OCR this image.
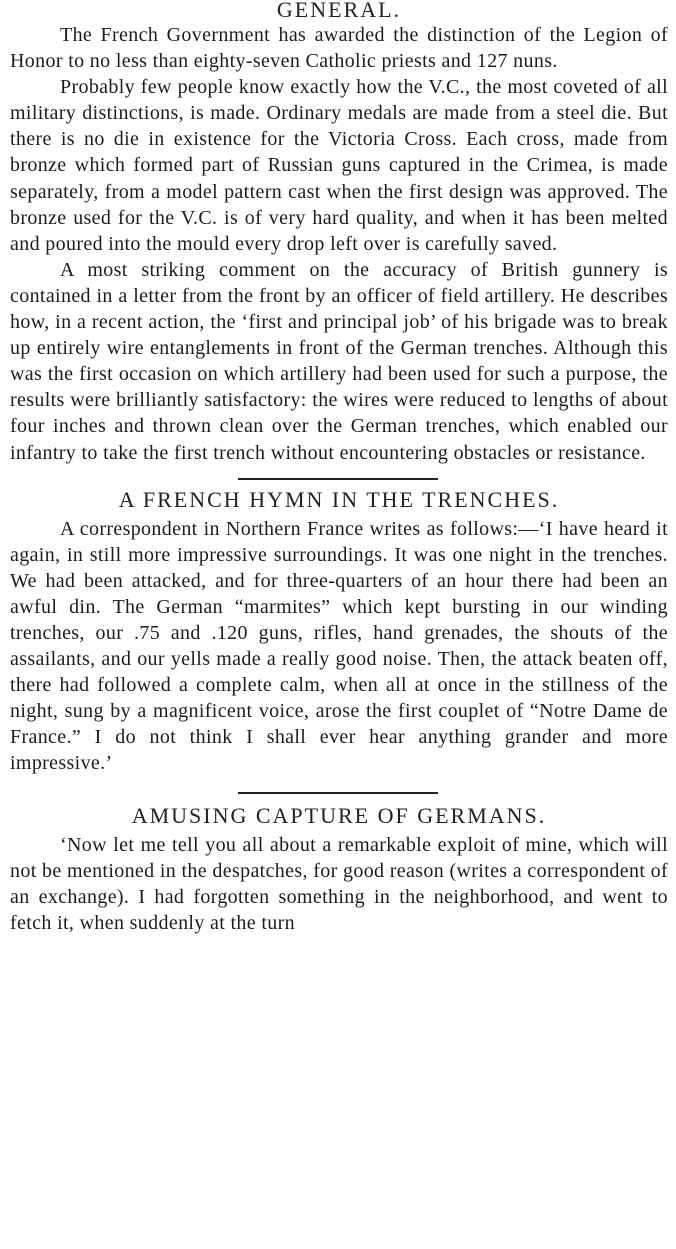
GENERAL.

The French Government has awarded the distinction of the Legion of Honor to no less than eighty-seven Catholic priests and 127 nuns.

Probably few people know exactly how the V.C., the most coveted of all military distinctions, is made. Ordinary medals are made from a steel die. But there is no die in existence for the Victoria Cross. Each cross, made from bronze which formed part of Russian guns captured in the Crimea, is made separately, from a model pattern cast when the first design was approved. The bronze used for the V.C. is of very hard quality, and when it has been melted and poured into the mould every drop left over is carefully saved.

A most striking comment on the accuracy of British gunnery is contained in a letter from the front by an officer of field artillery. He describes how, in a recent action, the ‘first and principal job’ of his brigade was to break up entirely wire entanglements in front of the German trenches. Although this was the first occasion on which artillery had been used for such a purpose, the results were brilliantly satisfactory: the wires were reduced to lengths of about four inches and thrown clean over the German trenches, which enabled our infantry to take the first trench without encountering obstacles or resistance.

A FRENCH HYMN IN THE TRENCHES.

A correspondent in Northern France writes as follows:—‘I have heard it again, in still more impressive surroundings. It was one night in the trenches. We had been attacked, and for three-quarters of an hour there had been an awful din. The German “marmites” which kept bursting in our winding trenches, our .75 and .120 guns, rifles, hand grenades, the shouts of the assailants, and our yells made a really good noise. Then, the attack beaten off, there had followed a complete calm, when all at once in the stillness of the night, sung by a magnificent voice, arose the first couplet of “Notre Dame de France.” I do not think I shall ever hear anything grander and more impressive.’

AMUSING CAPTURE OF GERMANS.

‘Now let me tell you all about a remarkable exploit of mine, which will not be mentioned in the despatches, for good reason (writes a correspondent of an exchange). I had forgotten something in the neighborhood, and went to fetch it, when suddenly at the turn
